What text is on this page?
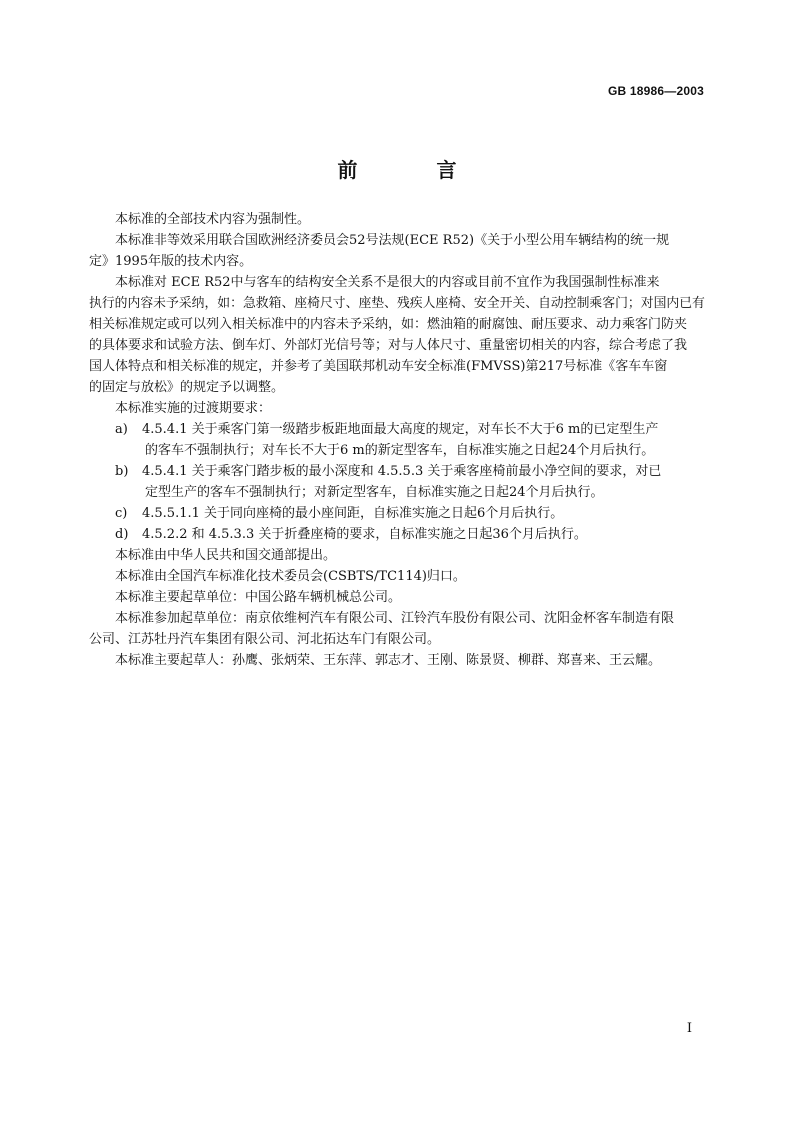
GB 18986—2003
前 言
本标准的全部技术内容为强制性。
本标准非等效采用联合国欧洲经济委员会52号法规(ECE R52)《关于小型公用车辆结构的统一规
定》1995年版的技术内容。
本标准对 ECE R52中与客车的结构安全关系不是很大的内容或目前不宜作为我国强制性标准来
执行的内容未予采纳，如：急救箱、座椅尺寸、座垫、残疾人座椅、安全开关、自动控制乘客门；对国内已有
相关标准规定或可以列入相关标准中的内容未予采纳，如：燃油箱的耐腐蚀、耐压要求、动力乘客门防夹
的具体要求和试验方法、倒车灯、外部灯光信号等；对与人体尺寸、重量密切相关的内容，综合考虑了我
国人体特点和相关标准的规定，并参考了美国联邦机动车安全标准(FMVSS)第217号标准《客车车窗
的固定与放松》的规定予以调整。
本标准实施的过渡期要求：
a) 4.5.4.1 关于乘客门第一级踏步板距地面最大高度的规定，对车长不大于6 m的已定型生产
的客车不强制执行；对车长不大于6 m的新定型客车，自标准实施之日起24个月后执行。
b) 4.5.4.1 关于乘客门踏步板的最小深度和 4.5.5.3 关于乘客座椅前最小净空间的要求，对已
定型生产的客车不强制执行；对新定型客车，自标准实施之日起24个月后执行。
c) 4.5.5.1.1 关于同向座椅的最小座间距，自标准实施之日起6个月后执行。
d) 4.5.2.2 和 4.5.3.3 关于折叠座椅的要求，自标准实施之日起36个月后执行。
本标准由中华人民共和国交通部提出。
本标准由全国汽车标准化技术委员会(CSBTS/TC114)归口。
本标准主要起草单位：中国公路车辆机械总公司。
本标准参加起草单位：南京依维柯汽车有限公司、江铃汽车股份有限公司、沈阳金杯客车制造有限
公司、江苏牡丹汽车集团有限公司、河北拓达车门有限公司。
本标准主要起草人：孙鹰、张炳荣、王东萍、郭志才、王刚、陈景贤、柳群、郑喜来、王云耀。
I
